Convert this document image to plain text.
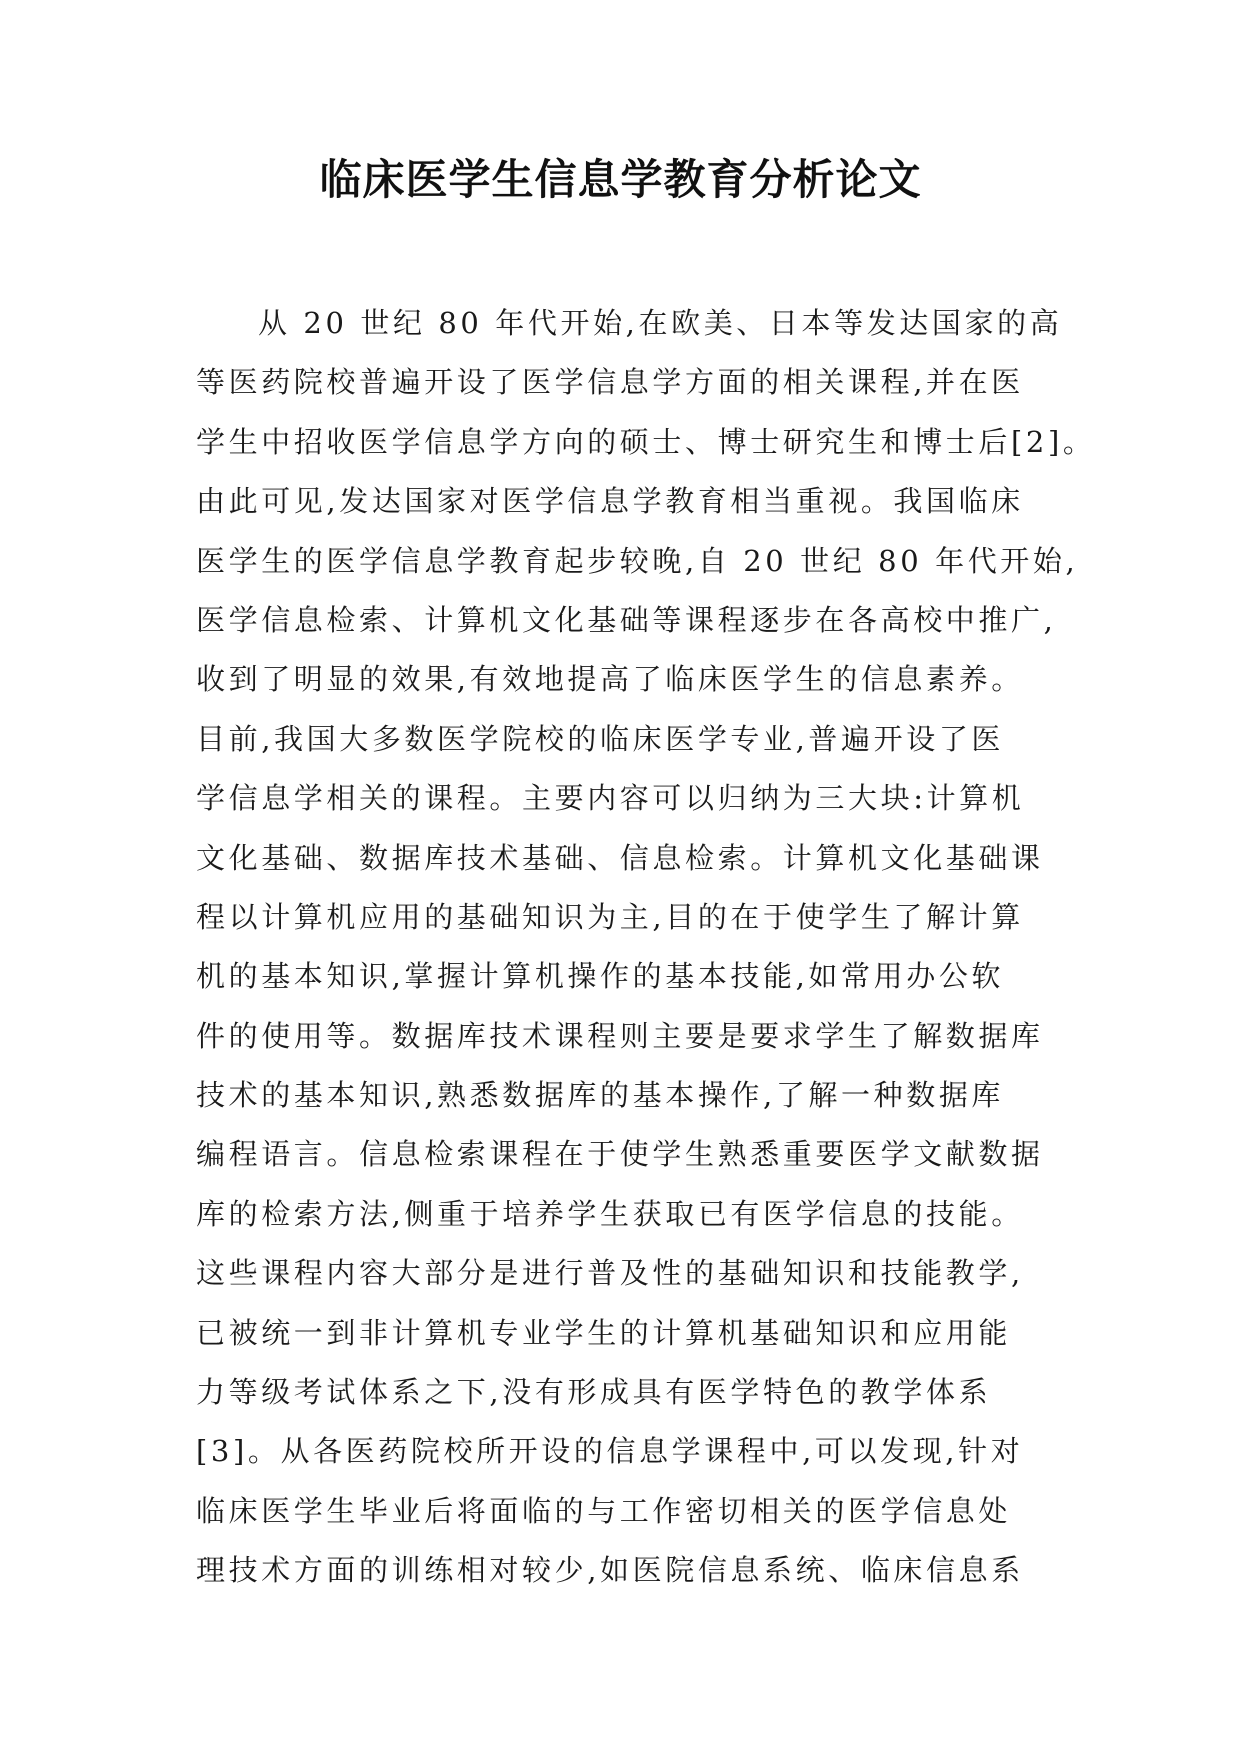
临床医学生信息学教育分析论文
从 20 世纪 80 年代开始,在欧美、日本等发达国家的高
等医药院校普遍开设了医学信息学方面的相关课程,并在医
学生中招收医学信息学方向的硕士、博士研究生和博士后[2]。
由此可见,发达国家对医学信息学教育相当重视。我国临床
医学生的医学信息学教育起步较晚,自 20 世纪 80 年代开始,
医学信息检索、计算机文化基础等课程逐步在各高校中推广,
收到了明显的效果,有效地提高了临床医学生的信息素养。
目前,我国大多数医学院校的临床医学专业,普遍开设了医
学信息学相关的课程。主要内容可以归纳为三大块:计算机
文化基础、数据库技术基础、信息检索。计算机文化基础课
程以计算机应用的基础知识为主,目的在于使学生了解计算
机的基本知识,掌握计算机操作的基本技能,如常用办公软
件的使用等。数据库技术课程则主要是要求学生了解数据库
技术的基本知识,熟悉数据库的基本操作,了解一种数据库
编程语言。信息检索课程在于使学生熟悉重要医学文献数据
库的检索方法,侧重于培养学生获取已有医学信息的技能。
这些课程内容大部分是进行普及性的基础知识和技能教学,
已被统一到非计算机专业学生的计算机基础知识和应用能
力等级考试体系之下,没有形成具有医学特色的教学体系
[3]。从各医药院校所开设的信息学课程中,可以发现,针对
临床医学生毕业后将面临的与工作密切相关的医学信息处
理技术方面的训练相对较少,如医院信息系统、临床信息系
